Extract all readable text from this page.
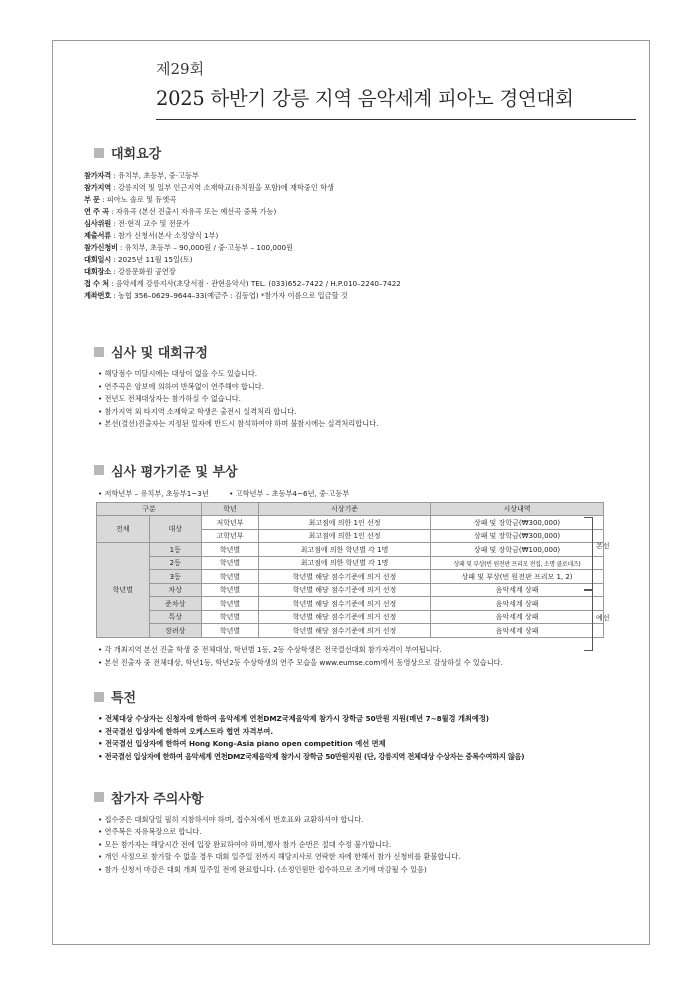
제29회
2025 하반기 강릉 지역 음악세계 피아노 경연대회
대회요강
참가자격 : 유치부, 초등부, 중·고등부
참가지역 : 강릉지역 및 일부 인근지역 소재학교(유치원을 포함)에 재학중인 학생
부 문 : 피아노 솔로 및 듀엣곡
연 주 곡 : 자유곡 (본선 진출시 자유곡 또는 예선곡 중복 가능)
심사위원 : 전·현직 교수 및 전문가
제출서류 : 참가 신청서(본사 소정양식 1부)
참가신청비 : 유치부, 초등부 – 90,000원 / 중·고등부 – 100,000원
대회일시 : 2025년 11월 15일(토)
대회장소 : 강릉문화원 공연장
접 수 처 : 음악세계 강릉지사(초당서점 · 관현음악사) TEL. (033)652–7422 / H.P.010–2240–7422
계좌번호 : 농협 356–0629–9644–33(예금주 : 김동엽) *참가자 이름으로 입금할 것
심사 및 대회규정
• 해당점수 미달시에는 대상이 없을 수도 있습니다.
• 연주곡은 암보에 의하여 반복없이 연주해야 합니다.
• 전년도 전체대상자는 참가하실 수 없습니다.
• 참가지역 외 타지역 소재학교 학생은 출전시 실격처리 합니다.
• 본선(결선)진출자는 지정된 일자에 반드시 참석하여야 하며 불참시에는 실격처리합니다.
심사 평가기준 및 부상
• 저학년부 – 유치부, 초등부1~3년	• 고학년부 – 초등부4~6년, 중·고등부
구분		학년	시상기준	시상내역
전체	대상	저학년부	최고점에 의한 1인 선정	상패 및 장학금(₩300,000)
		고학년부	최고점에 의한 1인 선정	상패 및 장학금(₩300,000)
학년별	1등	학년별	최고점에 의한 학년별 각 1명	상패 및 장학금(₩100,000)
	2등	학년별	최고점에 의한 학년별 각 1명	상패 및 부상(빈 원전판 프리모 전집, 소명 클로네즈)
	3등	학년별	학년별 해당 점수기준에 의거 선정	상패 및 부상(빈 원전판 프리모 1, 2)
	차상	학년별	학년별 해당 점수기준에 의거 선정	음악세계 상패
	준차상	학년별	학년별 해당 점수기준에 의거 선정	음악세계 상패
	특상	학년별	학년별 해당 점수기준에 의거 선정	음악세계 상패
	장려상	학년별	학년별 해당 점수기준에 의거 선정	음악세계 상패
본선
예선
• 각 개최지역 본선 진출 학생 중 전체대상, 학년별 1등, 2등 수상학생은 전국결선대회 참가자격이 부여됩니다.
• 본선 진출자 중 전체대상, 학년1등, 학년2등 수상학생의 연주 모습을 www.eumse.com에서 동영상으로 감상하실 수 있습니다.
특전
• 전체대상 수상자는 신청자에 한하여 음악세계 연천DMZ국제음악제 참가시 장학금 50만원 지원(매년 7~8월경 개최예정)
• 전국결선 입상자에 한하여 오케스트라 협연 자격부여.
• 전국결선 입상자에 한하여 Hong Kong–Asia piano open competition 예선 면제
• 전국결선 입상자에 한하여 음악세계 연천DMZ국제음악제 참가시 장학금 50만원지원 (단, 강릉지역 전체대상 수상자는 중복수여하지 않음)
참가자 주의사항
• 접수증은 대회당일 필히 지참하셔야 하며, 접수처에서 번호표와 교환하셔야 합니다.
• 연주복은 자유복장으로 합니다.
• 모든 참가자는 해당시간 전에 입장 완료하여야 하며,행사 참가 순번은 절대 수정 불가합니다.
• 개인 사정으로 참가할 수 없을 경우 대회 일주일 전까지 해당지사로 연락한 자에 한해서 참가 신청비를 환불합니다.
• 참가 신청서 마감은 대회 개최 일주일 전에 완료합니다. (소정인원만 접수하므로 조기에 마감될 수 있음)
